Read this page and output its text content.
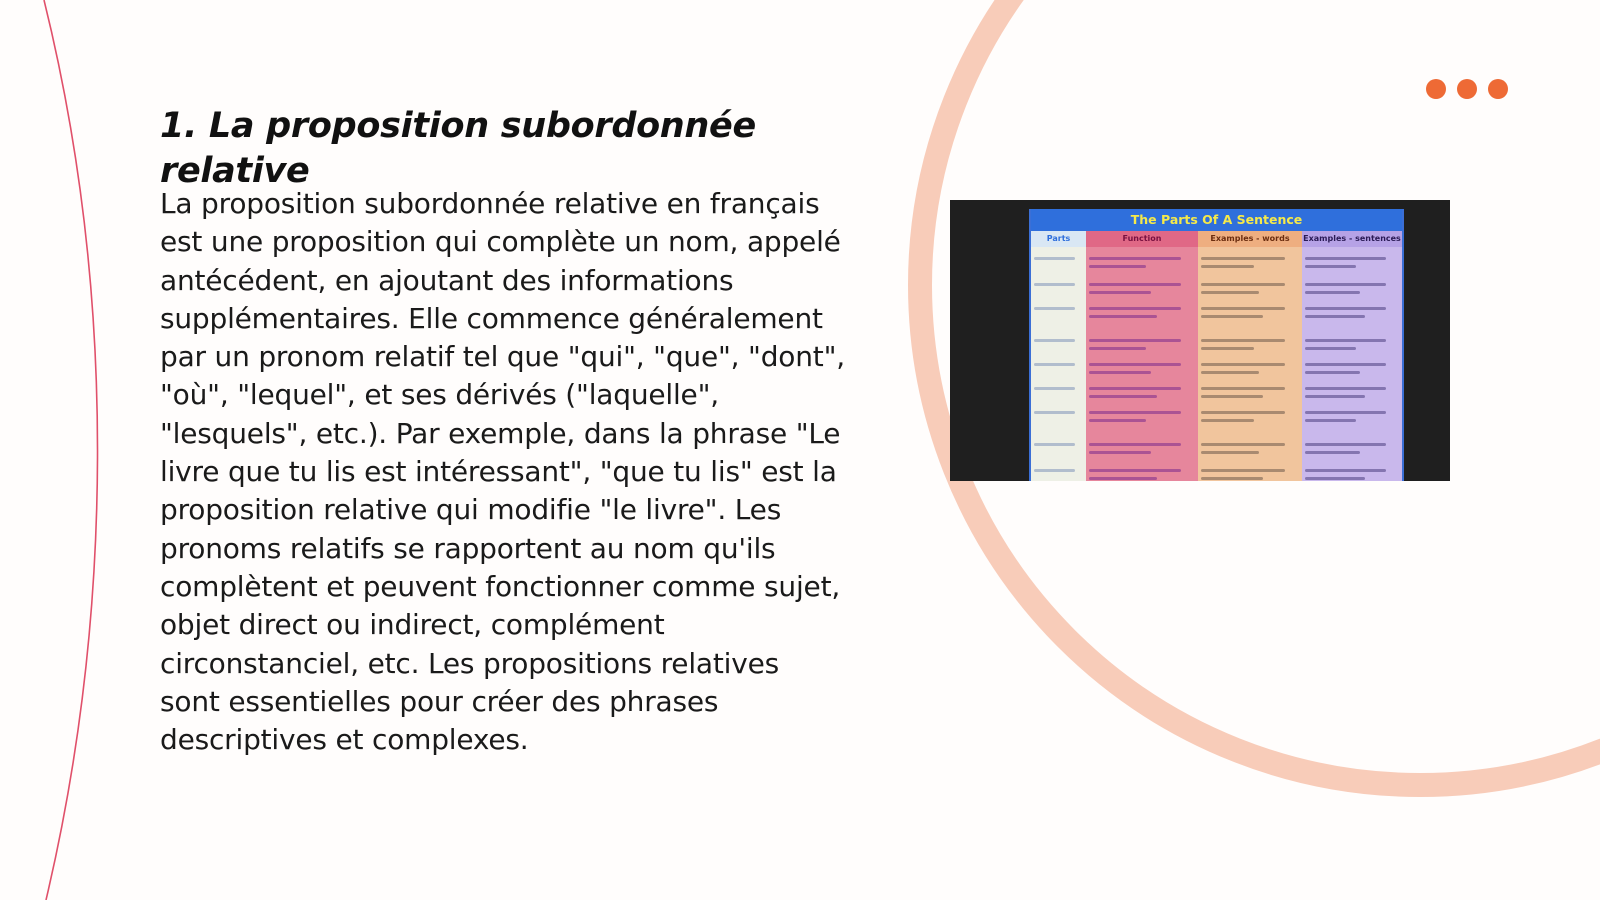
1. La proposition subordonnée relative

La proposition subordonnée relative en français est une proposition qui complète un nom, appelé antécédent, en ajoutant des informations supplémentaires. Elle commence généralement par un pronom relatif tel que "qui", "que", "dont", "où", "lequel", et ses dérivés ("laquelle", "lesquels", etc.). Par exemple, dans la phrase "Le livre que tu lis est intéressant", "que tu lis" est la proposition relative qui modifie "le livre". Les pronoms relatifs se rapportent au nom qu'ils complètent et peuvent fonctionner comme sujet, objet direct ou indirect, complément circonstanciel, etc. Les propositions relatives sont essentielles pour créer des phrases descriptives et complexes.

The Parts Of A Sentence
Parts	Function	Examples - words	Examples - sentences
